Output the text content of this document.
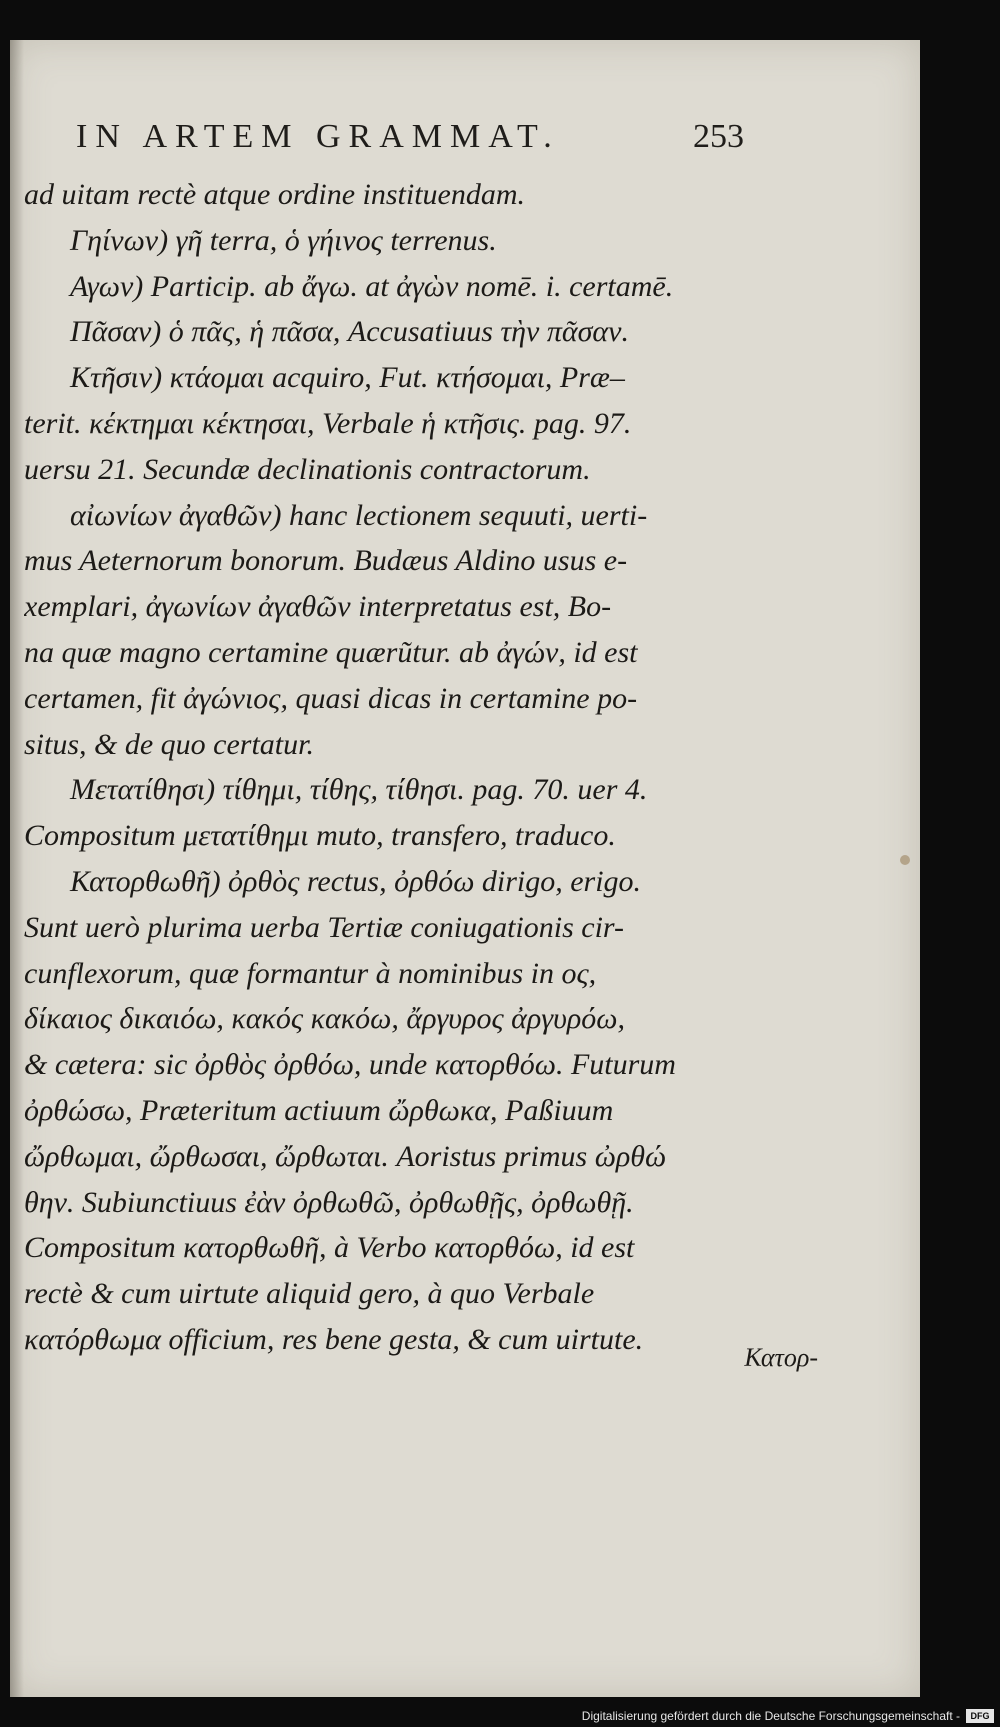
IN ARTEM GRAMMAT.	253
ad uitam rectè atque ordine instituendam.
Γηίνων) γῆ terra, ὁ γήινος terrenus.
Αγων) Particip. ab ἄγω. at ἀγὼν nomē. i. certamē.
Πᾶσαν) ὁ πᾶς, ἡ πᾶσα, Accusatiuus τὴν πᾶσαν.
Κτῆσιν) κτάομαι acquiro, Fut. κτήσομαι, Præ–
terit. κέκτημαι κέκτησαι, Verbale ἡ κτῆσις. pag. 97.
uersu 21. Secundæ declinationis contractorum.
αἰωνίων ἀγαθῶν) hanc lectionem sequuti, uerti-
mus Aeternorum bonorum. Budæus Aldino usus e-
xemplari, ἀγωνίων ἀγαθῶν interpretatus est, Bo-
na quæ magno certamine quærũtur. ab ἀγών, id est
certamen, fit ἀγώνιος, quasi dicas in certamine po-
situs, & de quo certatur.
Μετατίθησι) τίθημι, τίθης, τίθησι. pag. 70. uer 4.
Compositum μετατίθημι muto, transfero, traduco.
Κατορθωθῆ) ὀρθὸς rectus, ὀρθόω dirigo, erigo.
Sunt uerò plurima uerba Tertiæ coniugationis cir-
cunflexorum, quæ formantur à nominibus in ος,
δίκαιος δικαιόω, κακός κακόω, ἄργυρος ἀργυρόω,
& cætera: sic ὀρθὸς ὀρθόω, unde κατορθόω. Futurum
ὀρθώσω, Præteritum actiuum ὤρθωκα, Paßiuum
ὤρθωμαι, ὤρθωσαι, ὤρθωται. Aoristus primus ὠρθώ
θην. Subiunctiuus ἐὰν ὀρθωθῶ, ὀρθωθῇς, ὀρθωθῇ.
Compositum κατορθωθῆ, à Verbo κατορθόω, id est
rectè & cum uirtute aliquid gero, à quo Verbale
κατόρθωμα officium, res bene gesta, & cum uirtute.
Κατορ-
Digitalisierung gefördert durch die Deutsche Forschungsgemeinschaft -	DFG
